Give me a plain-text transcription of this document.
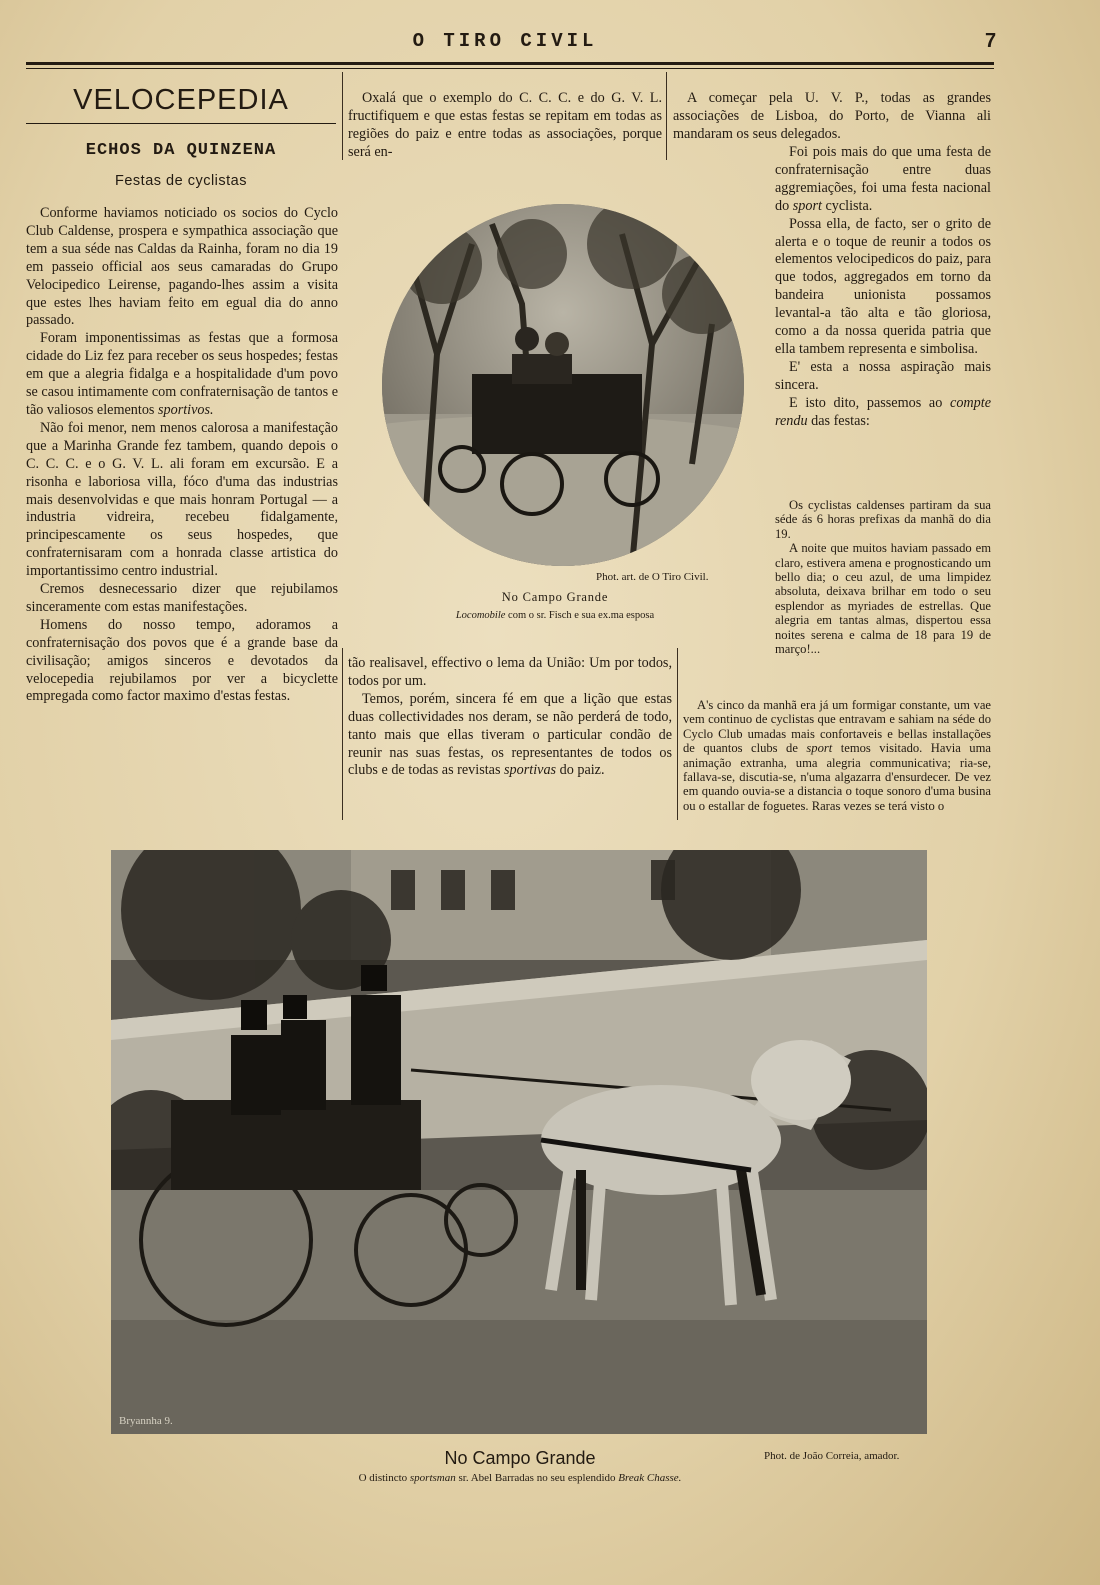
O TIRO CIVIL	7
VELOCEPEDIA
ECHOS DA QUINZENA
Festas de cyclistas

Conforme haviamos noticiado os socios do Cyclo Club Caldense, prospera e sympathica associação que tem a sua séde nas Caldas da Rainha, foram no dia 19 em passeio official aos seus camaradas do Grupo Velocipedico Leirense, pagando-lhes assim a visita que estes lhes haviam feito em egual dia do anno passado.

Foram imponentissimas as festas que a formosa cidade do Liz fez para receber os seus hospedes; festas em que a alegria fidalga e a hospitalidade d'um povo se casou intimamente com confraternisação de tantos e tão valiosos elementos sportivos.

Não foi menor, nem menos calorosa a manifestação que a Marinha Grande fez tambem, quando depois o C. C. C. e o G. V. L. ali foram em excursão. E a risonha e laboriosa villa, fóco d'uma das industrias mais desenvolvidas e que mais honram Portugal — a industria vidreira, recebeu fidalgamente, principescamente os seus hospedes, que confraternisaram com a honrada classe artistica do importantissimo centro industrial.

Cremos desnecessario dizer que rejubilamos sinceramente com estas manifestações.

Homens do nosso tempo, adoramos a confraternisação dos povos que é a grande base da civilisação; amigos sinceros e devotados da velocepedia rejubilamos por ver a bicyclette empregada como factor maximo d'estas festas.

Oxalá que o exemplo do C. C. C. e do G. V. L. fructifiquem e que estas festas se repitam em todas as regiões do paiz e entre todas as associações, porque será en-

Phot. art. de O Tiro Civil.
No Campo Grande
Locomobile com o sr. Fisch e sua ex.ma esposa

A começar pela U. V. P., todas as grandes associações de Lisboa, do Porto, de Vianna ali mandaram os seus delegados.

Foi pois mais do que uma festa de confraternisação entre duas aggremiações, foi uma festa nacional do sport cyclista.

Possa ella, de facto, ser o grito de alerta e o toque de reunir a todos os elementos velocipedicos do paiz, para que todos, aggregados em torno da bandeira unionista possamos levantal-a tão alta e tão gloriosa, como a da nossa querida patria que ella tambem representa e simbolisa.

E' esta a nossa aspiração mais sincera.

E isto dito, passemos ao compte rendu das festas:

Os cyclistas caldenses partiram da sua séde ás 6 horas prefixas da manhã do dia 19.

A noite que muitos haviam passado em claro, estivera amena e prognosticando um bello dia; o ceu azul, de uma limpidez absoluta, deixava brilhar em todo o seu esplendor as myriades de estrellas. Que alegria em tantas almas, dispertou essa noites serena e calma de 18 para 19 de março!...

A's cinco da manhã era já um formigar constante, um vae vem continuo de cyclistas que entravam e sahiam na séde do Cyclo Club umadas mais confortaveis e bellas installações de quantos clubs de sport temos visitado. Havia uma animação extranha, uma alegria communicativa; ria-se, fallava-se, discutia-se, n'uma algazarra d'ensurdecer. De vez em quando ouvia-se a distancia o toque sonoro d'uma busina ou o estallar de foguetes. Raras vezes se terá visto o

tão realisavel, effectivo o lema da União: Um por todos, todos por um.

Temos, porém, sincera fé em que a lição que estas duas collectividades nos deram, se não perderá de todo, tanto mais que ellas tiveram o particular condão de reunir nas suas festas, os representantes de todos os clubs e de todas as revistas sportivas do paiz.

Bryannha 9.
No Campo Grande	Phot. de João Correia, amador.
O distincto sportsman sr. Abel Barradas no seu esplendido Break Chasse.
